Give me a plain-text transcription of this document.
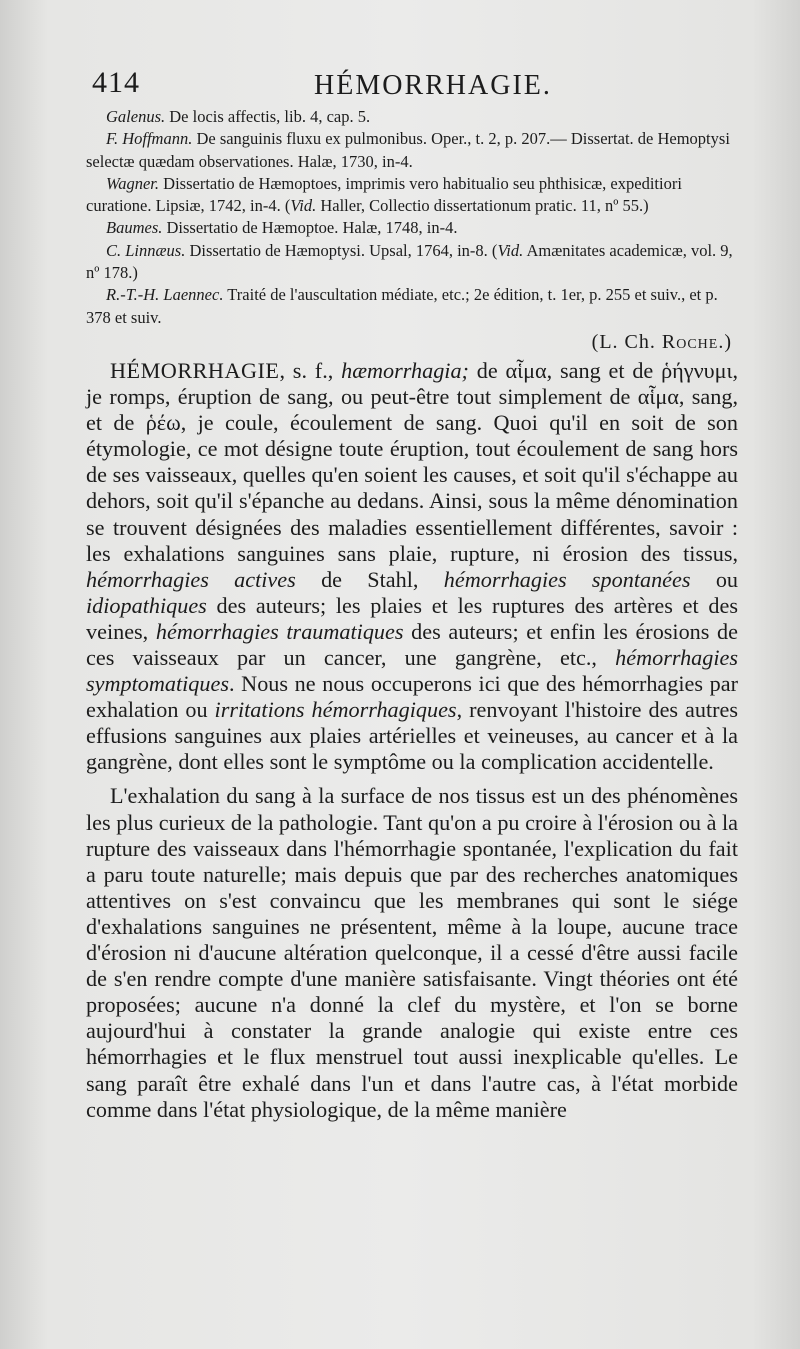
414	HÉMORRHAGIE.
Galenus. De locis affectis, lib. 4, cap. 5.
F. Hoffmann. De sanguinis fluxu ex pulmonibus. Oper., t. 2, p. 207.— Dissertat. de Hemoptysi selectæ quædam observationes. Halæ, 1730, in-4.
Wagner. Dissertatio de Hæmoptoes, imprimis vero habitualio seu phthisicæ, expeditiori curatione. Lipsiæ, 1742, in-4. (Vid. Haller, Collectio dissertationum pratic. 11, nº 55.)
Baumes. Dissertatio de Hæmoptoe. Halæ, 1748, in-4.
C. Linnæus. Dissertatio de Hæmoptysi. Upsal, 1764, in-8. (Vid. Amænitates academicæ, vol. 9, nº 178.)
R.-T.-H. Laennec. Traité de l'auscultation médiate, etc.; 2e édition, t. 1er, p. 255 et suiv., et p. 378 et suiv.
(L. Ch. Roche.)

HÉMORRHAGIE, s. f., hæmorrhagia; de αἷμα, sang et de ῥήγνυμι, je romps, éruption de sang, ou peut-être tout simplement de αἷμα, sang, et de ῥέω, je coule, écoulement de sang. Quoi qu'il en soit de son étymologie, ce mot désigne toute éruption, tout écoulement de sang hors de ses vaisseaux, quelles qu'en soient les causes, et soit qu'il s'échappe au dehors, soit qu'il s'épanche au dedans. Ainsi, sous la même dénomination se trouvent désignées des maladies essentiellement différentes, savoir : les exhalations sanguines sans plaie, rupture, ni érosion des tissus, hémorrhagies actives de Stahl, hémorrhagies spontanées ou idiopathiques des auteurs; les plaies et les ruptures des artères et des veines, hémorrhagies traumatiques des auteurs; et enfin les érosions de ces vaisseaux par un cancer, une gangrène, etc., hémorrhagies symptomatiques. Nous ne nous occuperons ici que des hémorrhagies par exhalation ou irritations hémorrhagiques, renvoyant l'histoire des autres effusions sanguines aux plaies artérielles et veineuses, au cancer et à la gangrène, dont elles sont le symptôme ou la complication accidentelle.

L'exhalation du sang à la surface de nos tissus est un des phénomènes les plus curieux de la pathologie. Tant qu'on a pu croire à l'érosion ou à la rupture des vaisseaux dans l'hémorrhagie spontanée, l'explication du fait a paru toute naturelle; mais depuis que par des recherches anatomiques attentives on s'est convaincu que les membranes qui sont le siége d'exhalations sanguines ne présentent, même à la loupe, aucune trace d'érosion ni d'aucune altération quelconque, il a cessé d'être aussi facile de s'en rendre compte d'une manière satisfaisante. Vingt théories ont été proposées; aucune n'a donné la clef du mystère, et l'on se borne aujourd'hui à constater la grande analogie qui existe entre ces hémorrhagies et le flux menstruel tout aussi inexplicable qu'elles. Le sang paraît être exhalé dans l'un et dans l'autre cas, à l'état morbide comme dans l'état physiologique, de la même manière
